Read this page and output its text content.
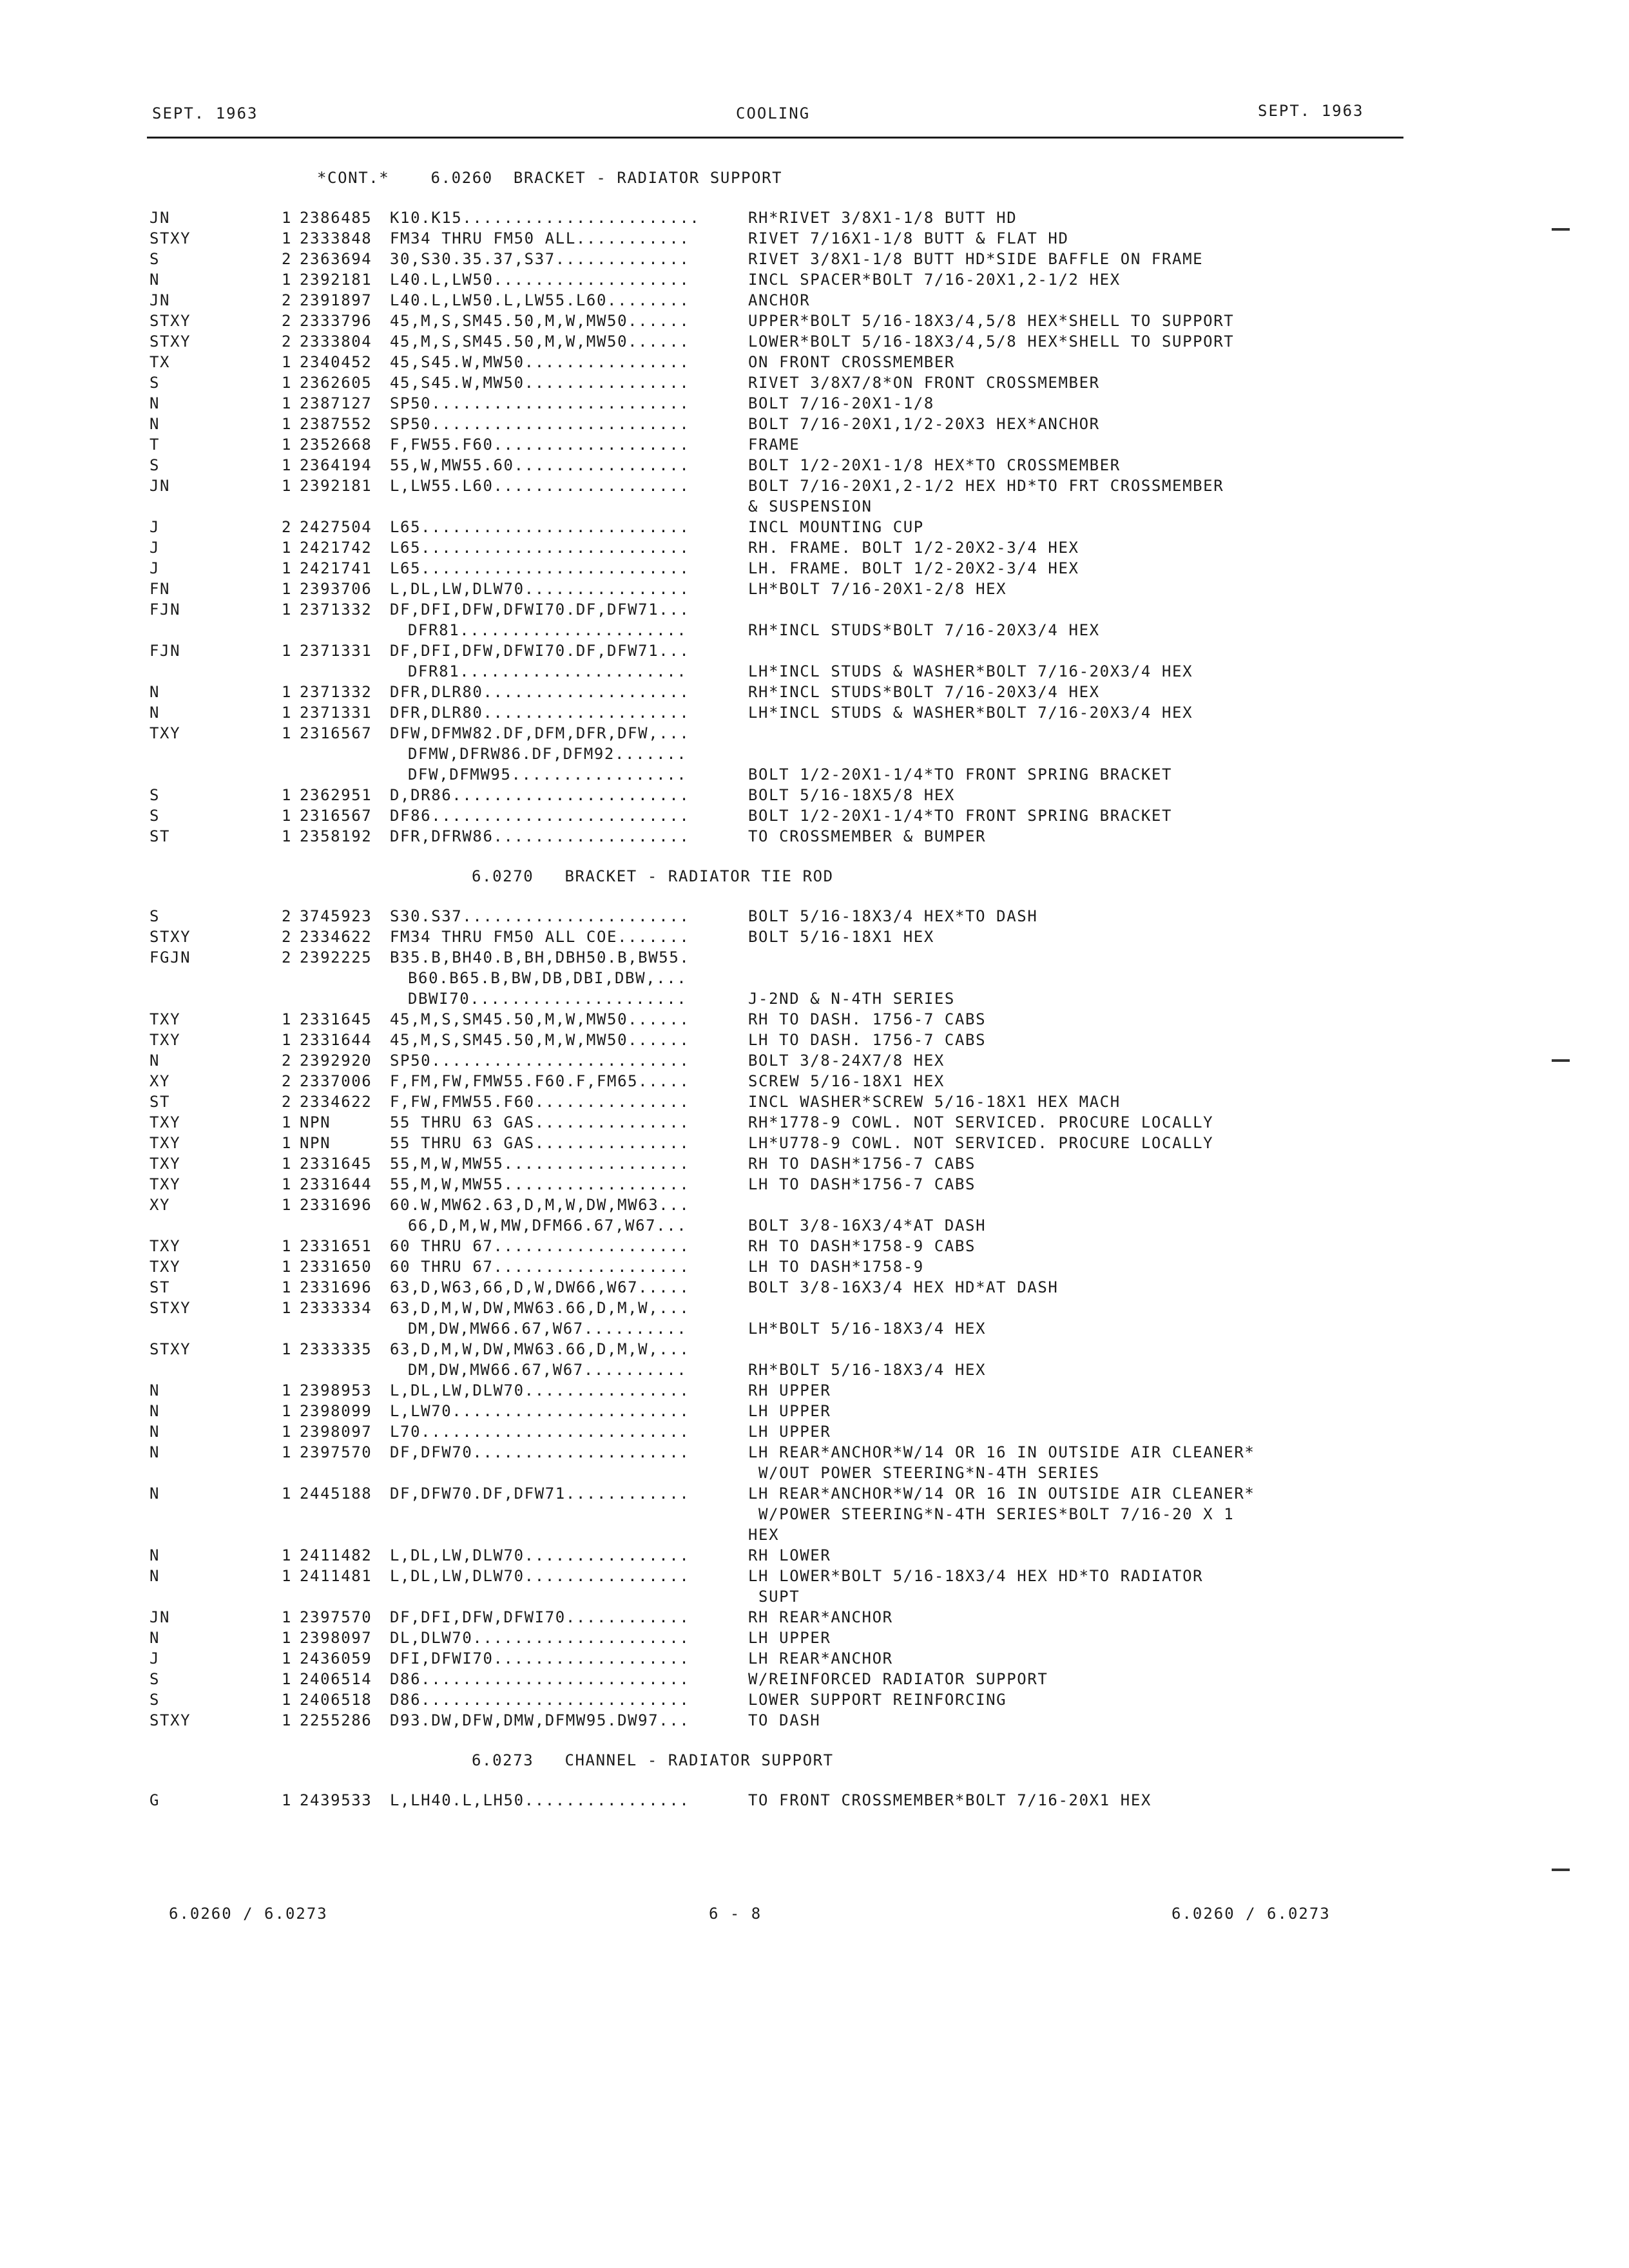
SEPT. 1963	COOLING	SEPT. 1963
*CONT.*    6.0260  BRACKET - RADIATOR SUPPORT
JN	1 2386485	K10.K15.......................	RH*RIVET 3/8X1-1/8 BUTT HD
STXY	1 2333848	FM34 THRU FM50 ALL...........	RIVET 7/16X1-1/8 BUTT & FLAT HD
S	2 2363694	30,S30.35.37,S37.............	RIVET 3/8X1-1/8 BUTT HD*SIDE BAFFLE ON FRAME
N	1 2392181	L40.L,LW50...................	INCL SPACER*BOLT 7/16-20X1,2-1/2 HEX
JN	2 2391897	L40.L,LW50.L,LW55.L60........	ANCHOR
STXY	2 2333796	45,M,S,SM45.50,M,W,MW50......	UPPER*BOLT 5/16-18X3/4,5/8 HEX*SHELL TO SUPPORT
STXY	2 2333804	45,M,S,SM45.50,M,W,MW50......	LOWER*BOLT 5/16-18X3/4,5/8 HEX*SHELL TO SUPPORT
TX	1 2340452	45,S45.W,MW50................	ON FRONT CROSSMEMBER
S	1 2362605	45,S45.W,MW50................	RIVET 3/8X7/8*ON FRONT CROSSMEMBER
N	1 2387127	SP50.........................	BOLT 7/16-20X1-1/8
N	1 2387552	SP50.........................	BOLT 7/16-20X1,1/2-20X3 HEX*ANCHOR
T	1 2352668	F,FW55.F60...................	FRAME
S	1 2364194	55,W,MW55.60.................	BOLT 1/2-20X1-1/8 HEX*TO CROSSMEMBER
JN	1 2392181	L,LW55.L60...................	BOLT 7/16-20X1,2-1/2 HEX HD*TO FRT CROSSMEMBER
& SUSPENSION
J	2 2427504	L65..........................	INCL MOUNTING CUP
J	1 2421742	L65..........................	RH. FRAME. BOLT 1/2-20X2-3/4 HEX
J	1 2421741	L65..........................	LH. FRAME. BOLT 1/2-20X2-3/4 HEX
FN	1 2393706	L,DL,LW,DLW70................	LH*BOLT 7/16-20X1-2/8 HEX
FJN	1 2371332	DF,DFI,DFW,DFWI70.DF,DFW71...
DFR81......................	RH*INCL STUDS*BOLT 7/16-20X3/4 HEX
FJN	1 2371331	DF,DFI,DFW,DFWI70.DF,DFW71...
DFR81......................	LH*INCL STUDS & WASHER*BOLT 7/16-20X3/4 HEX
N	1 2371332	DFR,DLR80....................	RH*INCL STUDS*BOLT 7/16-20X3/4 HEX
N	1 2371331	DFR,DLR80....................	LH*INCL STUDS & WASHER*BOLT 7/16-20X3/4 HEX
TXY	1 2316567	DFW,DFMW82.DF,DFM,DFR,DFW,...
DFMW,DFRW86.DF,DFM92.......
DFW,DFMW95.................	BOLT 1/2-20X1-1/4*TO FRONT SPRING BRACKET
S	1 2362951	D,DR86.......................	BOLT 5/16-18X5/8 HEX
S	1 2316567	DF86.........................	BOLT 1/2-20X1-1/4*TO FRONT SPRING BRACKET
ST	1 2358192	DFR,DFRW86...................	TO CROSSMEMBER & BUMPER
6.0270   BRACKET - RADIATOR TIE ROD
S	2 3745923	S30.S37......................	BOLT 5/16-18X3/4 HEX*TO DASH
STXY	2 2334622	FM34 THRU FM50 ALL COE.......	BOLT 5/16-18X1 HEX
FGJN	2 2392225	B35.B,BH40.B,BH,DBH50.B,BW55.
B60.B65.B,BW,DB,DBI,DBW,...
DBWI70.....................	J-2ND & N-4TH SERIES
TXY	1 2331645	45,M,S,SM45.50,M,W,MW50......	RH TO DASH. 1756-7 CABS
TXY	1 2331644	45,M,S,SM45.50,M,W,MW50......	LH TO DASH. 1756-7 CABS
N	2 2392920	SP50.........................	BOLT 3/8-24X7/8 HEX
XY	2 2337006	F,FM,FW,FMW55.F60.F,FM65.....	SCREW 5/16-18X1 HEX
ST	2 2334622	F,FW,FMW55.F60...............	INCL WASHER*SCREW 5/16-18X1 HEX MACH
TXY	1 NPN	55 THRU 63 GAS...............	RH*1778-9 COWL. NOT SERVICED. PROCURE LOCALLY
TXY	1 NPN	55 THRU 63 GAS...............	LH*U778-9 COWL. NOT SERVICED. PROCURE LOCALLY
TXY	1 2331645	55,M,W,MW55..................	RH TO DASH*1756-7 CABS
TXY	1 2331644	55,M,W,MW55..................	LH TO DASH*1756-7 CABS
XY	1 2331696	60.W,MW62.63,D,M,W,DW,MW63...
66,D,M,W,MW,DFM66.67,W67...	BOLT 3/8-16X3/4*AT DASH
TXY	1 2331651	60 THRU 67...................	RH TO DASH*1758-9 CABS
TXY	1 2331650	60 THRU 67...................	LH TO DASH*1758-9
ST	1 2331696	63,D,W63,66,D,W,DW66,W67.....	BOLT 3/8-16X3/4 HEX HD*AT DASH
STXY	1 2333334	63,D,M,W,DW,MW63.66,D,M,W,...
DM,DW,MW66.67,W67..........	LH*BOLT 5/16-18X3/4 HEX
STXY	1 2333335	63,D,M,W,DW,MW63.66,D,M,W,...
DM,DW,MW66.67,W67..........	RH*BOLT 5/16-18X3/4 HEX
N	1 2398953	L,DL,LW,DLW70................	RH UPPER
N	1 2398099	L,LW70.......................	LH UPPER
N	1 2398097	L70..........................	LH UPPER
N	1 2397570	DF,DFW70.....................	LH REAR*ANCHOR*W/14 OR 16 IN OUTSIDE AIR CLEANER*
W/OUT POWER STEERING*N-4TH SERIES
N	1 2445188	DF,DFW70.DF,DFW71............	LH REAR*ANCHOR*W/14 OR 16 IN OUTSIDE AIR CLEANER*
W/POWER STEERING*N-4TH SERIES*BOLT 7/16-20 X 1
HEX
N	1 2411482	L,DL,LW,DLW70................	RH LOWER
N	1 2411481	L,DL,LW,DLW70................	LH LOWER*BOLT 5/16-18X3/4 HEX HD*TO RADIATOR
SUPT
JN	1 2397570	DF,DFI,DFW,DFWI70............	RH REAR*ANCHOR
N	1 2398097	DL,DLW70.....................	LH UPPER
J	1 2436059	DFI,DFWI70...................	LH REAR*ANCHOR
S	1 2406514	D86..........................	W/REINFORCED RADIATOR SUPPORT
S	1 2406518	D86..........................	LOWER SUPPORT REINFORCING
STXY	1 2255286	D93.DW,DFW,DMW,DFMW95.DW97...	TO DASH
6.0273   CHANNEL - RADIATOR SUPPORT
G	1 2439533	L,LH40.L,LH50................	TO FRONT CROSSMEMBER*BOLT 7/16-20X1 HEX
6.0260 / 6.0273	6 - 8	6.0260 / 6.0273
